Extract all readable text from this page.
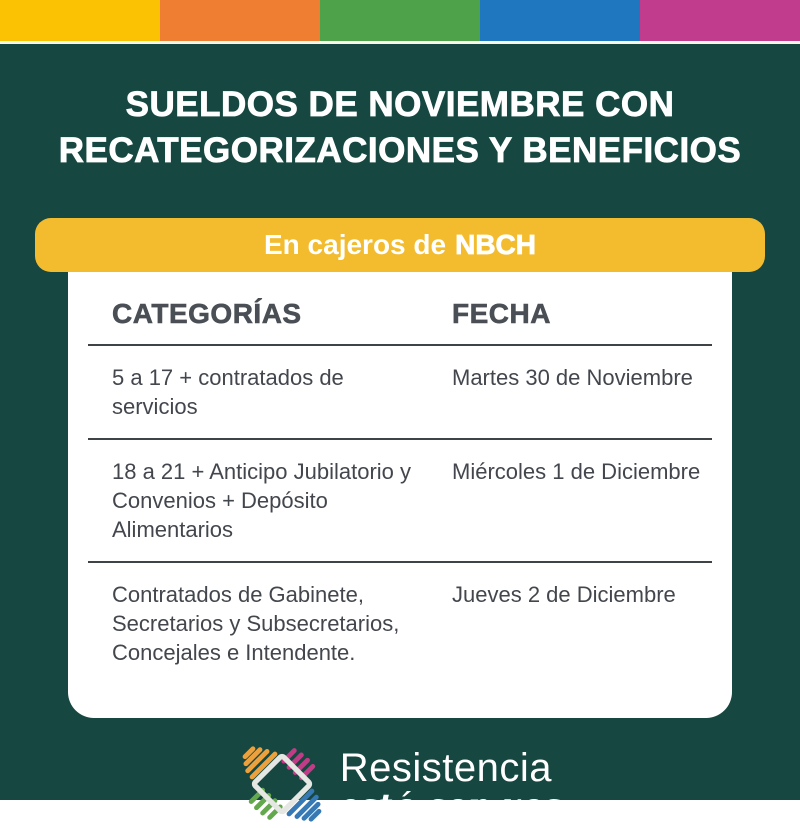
SUELDOS DE NOVIEMBRE CON
RECATEGORIZACIONES Y BENEFICIOS
En cajeros de NBCH
CATEGORÍAS	FECHA
5 a 17 + contratados de servicios
Martes 30 de Noviembre
18 a 21 + Anticipo Jubilatorio y Convenios + Depósito Alimentarios
Miércoles 1 de Diciembre
Contratados de Gabinete, Secretarios y Subsecretarios, Concejales e Intendente.
Jueves 2 de Diciembre
Resistencia
está con vos
